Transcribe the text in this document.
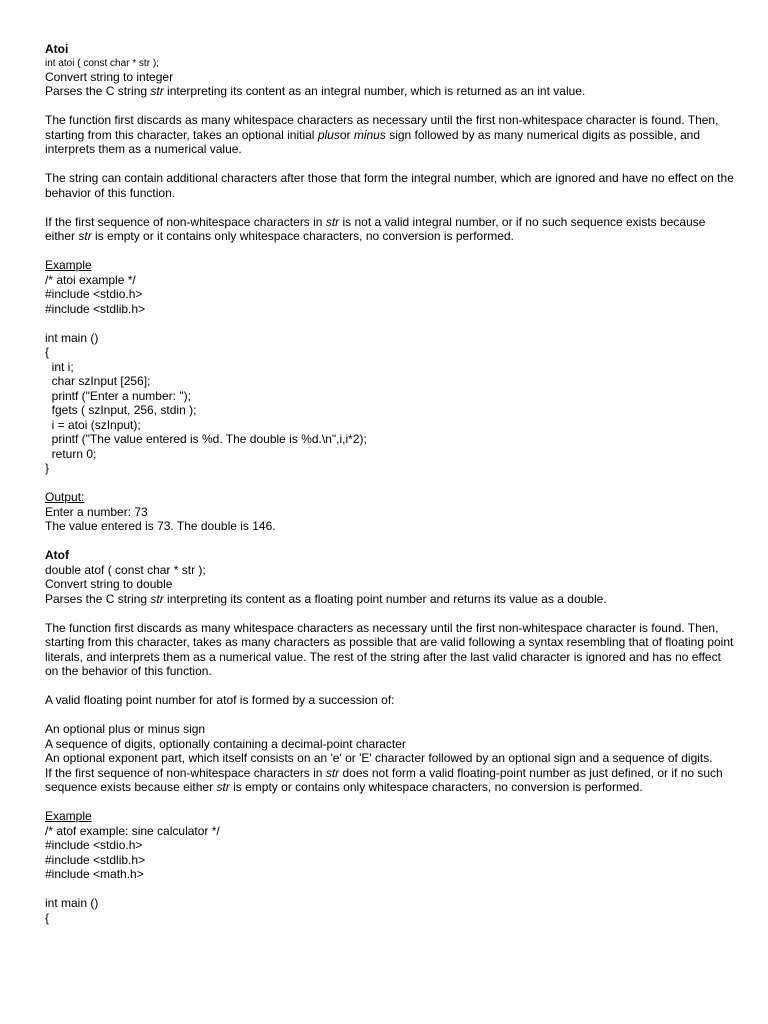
Atoi
int atoi ( const char * str );
Convert string to integer
Parses the C string str interpreting its content as an integral number, which is returned as an int value.
The function first discards as many whitespace characters as necessary until the first non-whitespace character is found. Then, starting from this character, takes an optional initial plusor minus sign followed by as many numerical digits as possible, and interprets them as a numerical value.
The string can contain additional characters after those that form the integral number, which are ignored and have no effect on the behavior of this function.
If the first sequence of non-whitespace characters in str is not a valid integral number, or if no such sequence exists because either str is empty or it contains only whitespace characters, no conversion is performed.
Example
/* atoi example */
#include <stdio.h>
#include <stdlib.h>
int main ()
{
int i;
char szInput [256];
printf ("Enter a number: ");
fgets ( szInput, 256, stdin );
i = atoi (szInput);
printf ("The value entered is %d. The double is %d.\n",i,i*2);
return 0;
}
Output:
Enter a number: 73
The value entered is 73. The double is 146.
Atof
double atof ( const char * str );
Convert string to double
Parses the C string str interpreting its content as a floating point number and returns its value as a double.
The function first discards as many whitespace characters as necessary until the first non-whitespace character is found. Then, starting from this character, takes as many characters as possible that are valid following a syntax resembling that of floating point literals, and interprets them as a numerical value. The rest of the string after the last valid character is ignored and has no effect on the behavior of this function.
A valid floating point number for atof is formed by a succession of:
An optional plus or minus sign
A sequence of digits, optionally containing a decimal-point character
An optional exponent part, which itself consists on an 'e' or 'E' character followed by an optional sign and a sequence of digits.
If the first sequence of non-whitespace characters in str does not form a valid floating-point number as just defined, or if no such sequence exists because either str is empty or contains only whitespace characters, no conversion is performed.
Example
/* atof example: sine calculator */
#include <stdio.h>
#include <stdlib.h>
#include <math.h>
int main ()
{
